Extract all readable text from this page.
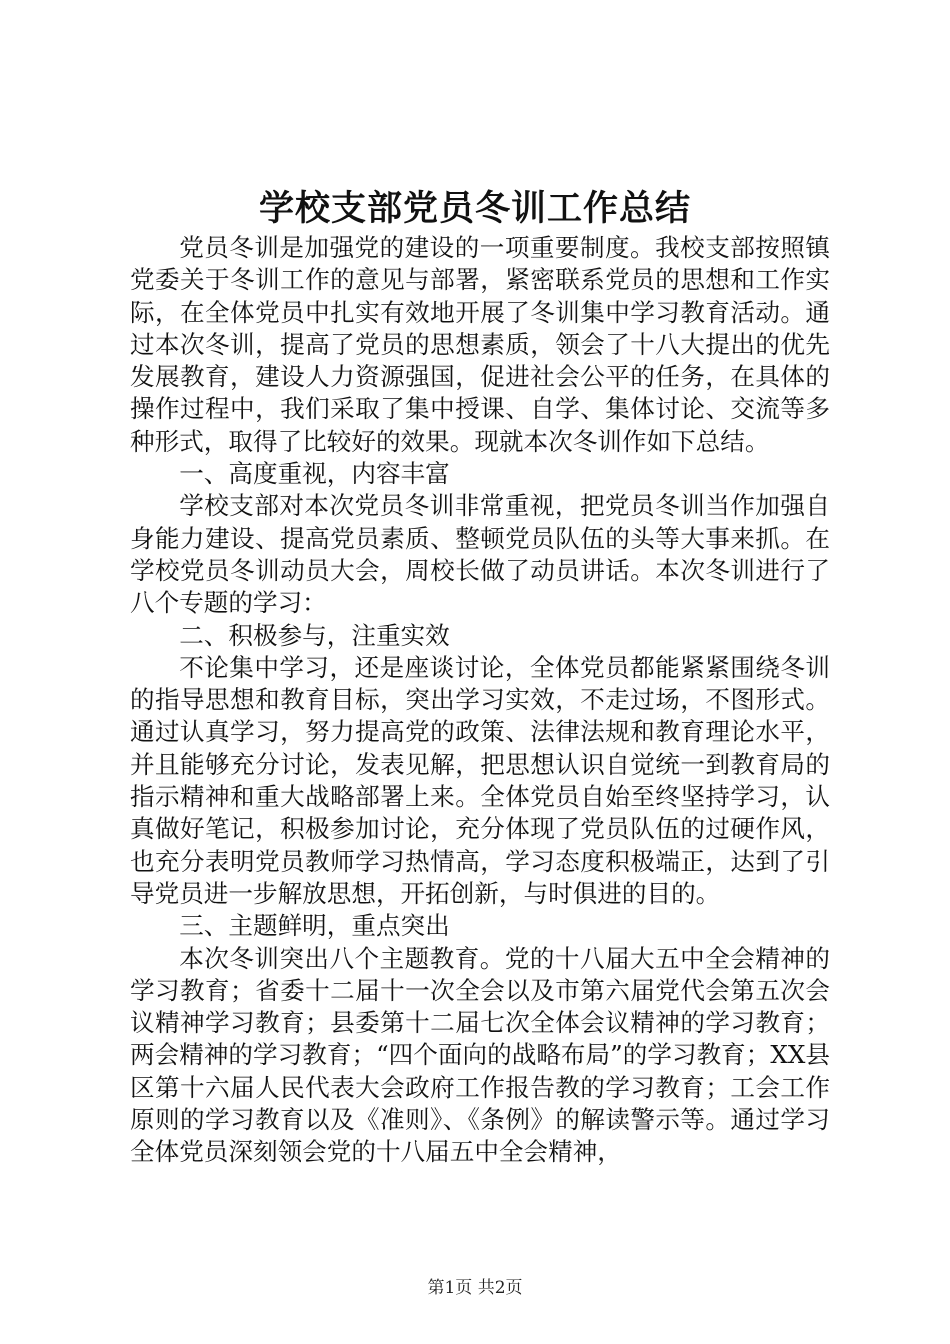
学校支部党员冬训工作总结

党员冬训是加强党的建设的一项重要制度。我校支部按照镇党委关于冬训工作的意见与部署，紧密联系党员的思想和工作实际，在全体党员中扎实有效地开展了冬训集中学习教育活动。通过本次冬训，提高了党员的思想素质，领会了十八大提出的优先发展教育，建设人力资源强国，促进社会公平的任务，在具体的操作过程中，我们采取了集中授课、自学、集体讨论、交流等多种形式，取得了比较好的效果。现就本次冬训作如下总结。

一、高度重视，内容丰富

学校支部对本次党员冬训非常重视，把党员冬训当作加强自身能力建设、提高党员素质、整顿党员队伍的头等大事来抓。在学校党员冬训动员大会，周校长做了动员讲话。本次冬训进行了八个专题的学习：

二、积极参与，注重实效

不论集中学习，还是座谈讨论，全体党员都能紧紧围绕冬训的指导思想和教育目标，突出学习实效，不走过场，不图形式。通过认真学习，努力提高党的政策、法律法规和教育理论水平，并且能够充分讨论，发表见解，把思想认识自觉统一到教育局的指示精神和重大战略部署上来。全体党员自始至终坚持学习，认真做好笔记，积极参加讨论，充分体现了党员队伍的过硬作风，也充分表明党员教师学习热情高，学习态度积极端正，达到了引导党员进一步解放思想，开拓创新，与时俱进的目的。

三、主题鲜明，重点突出

本次冬训突出八个主题教育。党的十八届大五中全会精神的学习教育；省委十二届十一次全会以及市第六届党代会第五次会议精神学习教育；县委第十二届七次全体会议精神的学习教育；两会精神的学习教育；“四个面向的战略布局”的学习教育；XX县区第十六届人民代表大会政府工作报告教的学习教育；工会工作原则的学习教育以及《准则》、《条例》的解读警示等。通过学习全体党员深刻领会党的十八届五中全会精神，

第1页 共2页
